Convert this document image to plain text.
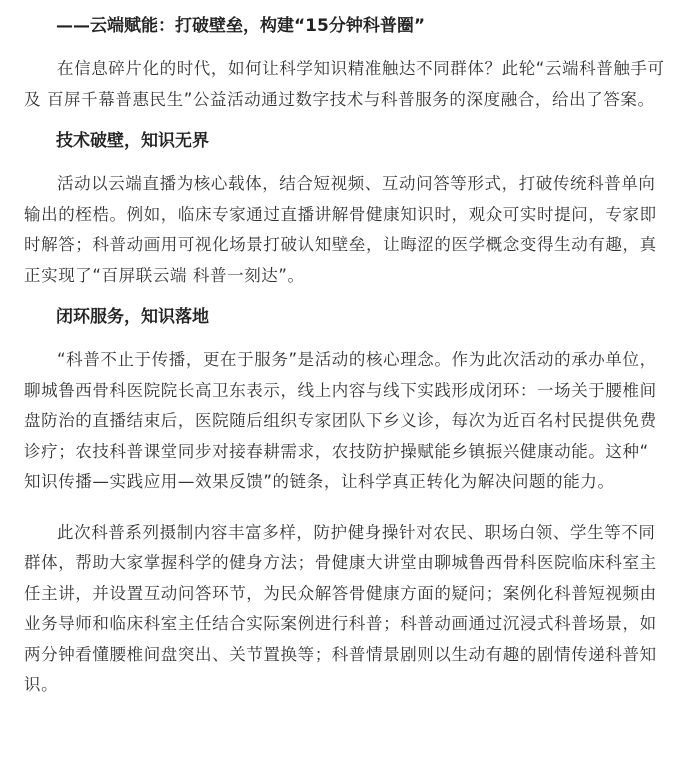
——云端赋能：打破壁垒，构建“15分钟科普圈”

在信息碎片化的时代，如何让科学知识精准触达不同群体？此轮“云端科普触手可及 百屏千幕普惠民生”公益活动通过数字技术与科普服务的深度融合，给出了答案。

技术破壁，知识无界

活动以云端直播为核心载体，结合短视频、互动问答等形式，打破传统科普单向输出的桎梏。例如，临床专家通过直播讲解骨健康知识时，观众可实时提问，专家即时解答；科普动画用可视化场景打破认知壁垒，让晦涩的医学概念变得生动有趣，真正实现了“百屏联云端 科普一刻达”。

闭环服务，知识落地

“科普不止于传播，更在于服务”是活动的核心理念。作为此次活动的承办单位，聊城鲁西骨科医院院长高卫东表示，线上内容与线下实践形成闭环：一场关于腰椎间盘防治的直播结束后，医院随后组织专家团队下乡义诊，每次为近百名村民提供免费诊疗；农技科普课堂同步对接春耕需求，农技防护操赋能乡镇振兴健康动能。这种“知识传播—实践应用—效果反馈”的链条，让科学真正转化为解决问题的能力。

此次科普系列摄制内容丰富多样，防护健身操针对农民、职场白领、学生等不同群体，帮助大家掌握科学的健身方法；骨健康大讲堂由聊城鲁西骨科医院临床科室主任主讲，并设置互动问答环节，为民众解答骨健康方面的疑问；案例化科普短视频由业务导师和临床科室主任结合实际案例进行科普；科普动画通过沉浸式科普场景，如两分钟看懂腰椎间盘突出、关节置换等；科普情景剧则以生动有趣的剧情传递科普知识。
